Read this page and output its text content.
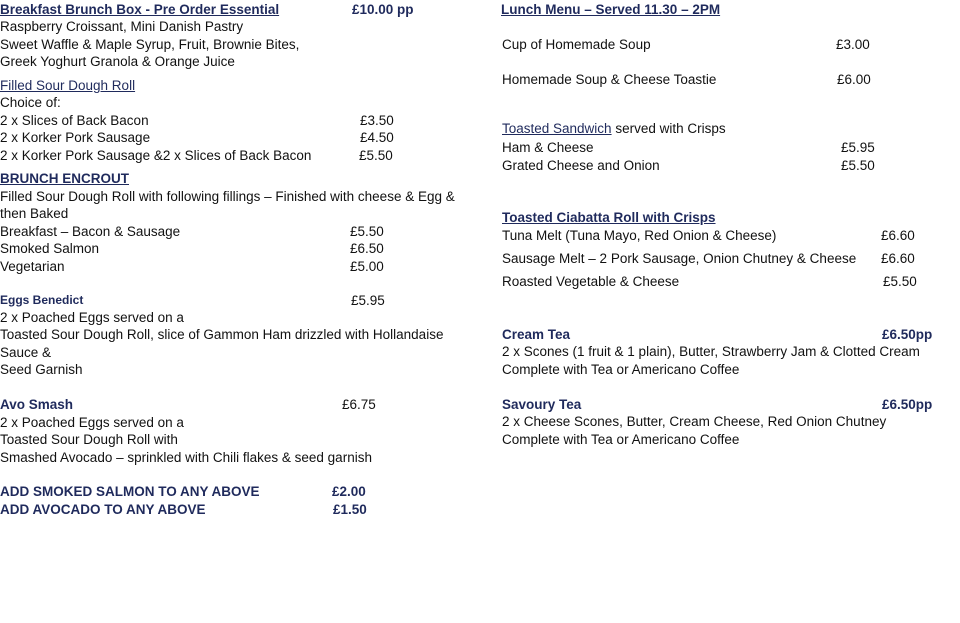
Breakfast Brunch Box - Pre Order Essential	£10.00 pp
Raspberry Croissant, Mini Danish Pastry
Sweet Waffle & Maple Syrup, Fruit, Brownie Bites,
Greek Yoghurt Granola & Orange Juice
Filled Sour Dough Roll
Choice of:
2 x Slices of Back Bacon	£3.50
2 x Korker Pork Sausage	£4.50
2 x Korker Pork Sausage &2 x Slices of Back Bacon	£5.50
BRUNCH ENCROUT
Filled Sour Dough Roll with following fillings – Finished with cheese & Egg &
then Baked
Breakfast – Bacon & Sausage	£5.50
Smoked Salmon	£6.50
Vegetarian	£5.00
Eggs Benedict	£5.95
2 x Poached Eggs served on a
Toasted Sour Dough Roll, slice of Gammon Ham drizzled with Hollandaise
Sauce &
Seed Garnish
Avo Smash	£6.75
2 x Poached Eggs served on a
Toasted Sour Dough Roll with
Smashed Avocado – sprinkled with Chili flakes & seed garnish
ADD SMOKED SALMON TO ANY ABOVE	£2.00
ADD AVOCADO TO ANY ABOVE	£1.50
Lunch Menu – Served 11.30 – 2PM
Cup of Homemade Soup	£3.00
Homemade Soup & Cheese Toastie	£6.00
Toasted Sandwich served with Crisps
Ham & Cheese	£5.95
Grated Cheese and Onion	£5.50
Toasted Ciabatta Roll with Crisps
Tuna Melt (Tuna Mayo, Red Onion & Cheese)	£6.60
Sausage Melt – 2 Pork Sausage, Onion Chutney & Cheese £6.60
Roasted Vegetable & Cheese	£5.50
Cream Tea	£6.50pp
2 x Scones (1 fruit & 1 plain), Butter, Strawberry Jam & Clotted Cream
Complete with Tea or Americano Coffee
Savoury Tea	£6.50pp
2 x Cheese Scones, Butter, Cream Cheese, Red Onion Chutney
Complete with Tea or Americano Coffee
